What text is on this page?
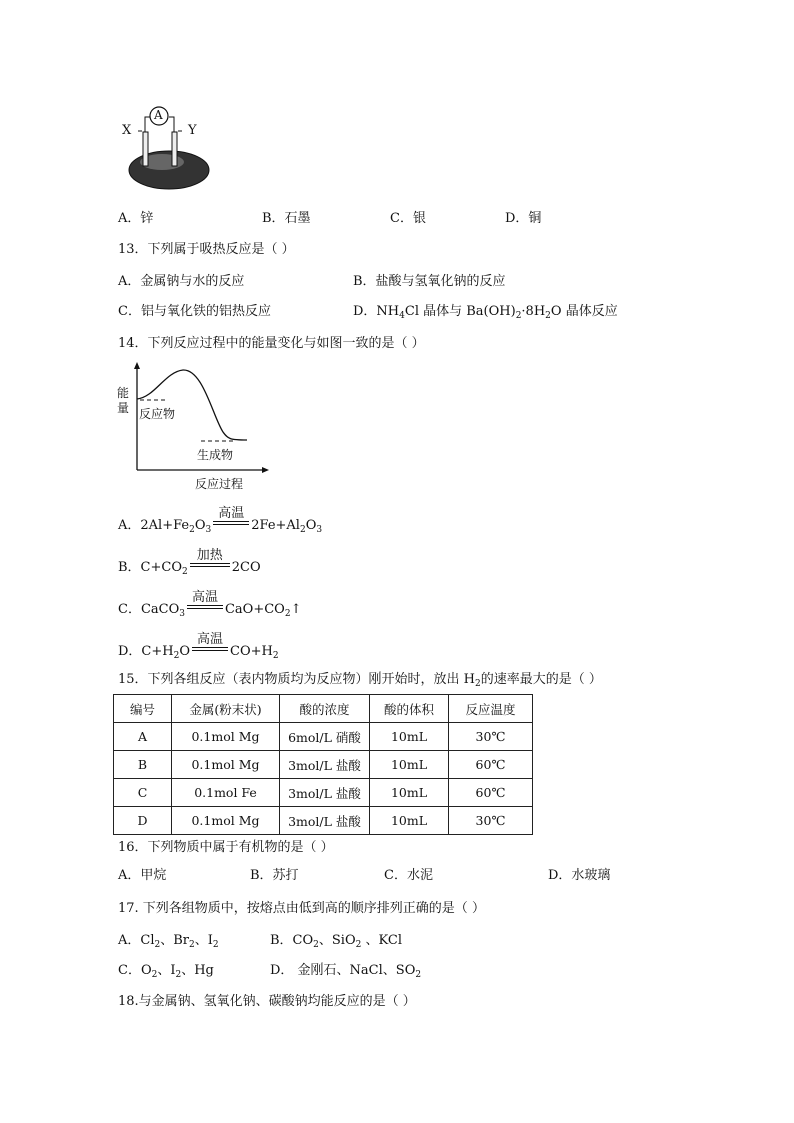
A
X	Y
A．锌	B．石墨	C．银	D．铜
13．下列属于吸热反应是（ ）
A．金属钠与水的反应	B．盐酸与氢氧化钠的反应
C．铝与氧化铁的铝热反应	D．$NH_4Cl$ 晶体与 $Ba(OH)_2\cdot 8H_2O$ 晶体反应
14．下列反应过程中的能量变化与如图一致的是（ ）
能
量 反应物
生成物
反应过程
A．$2Al+Fe_2O_3$
高温
$2Fe+Al_2O_3$
B．$C+CO_2$
加热
2CO
C．CaCO$_3$
高温
$CaO+CO_2↑$
D．$C+H_2O$
高温
$CO+H_2$
15．下列各组反应（表内物质均为反应物）刚开始时，放出 $H_2$的速率最大的是（ ）
编号	金属(粉末状)	酸的浓度	酸的体积	反应温度
A	0.1mol Mg	6mol/L 硝酸	10mL	30℃
B	0.1mol Mg	3mol/L 盐酸	10mL	60℃
C	0.1mol Fe	3mol/L 盐酸	10mL	60℃
D	0.1mol Mg	3mol/L 盐酸	10mL	30℃
16．下列物质中属于有机物的是（ ）
A．甲烷	B．苏打	C．水泥	D．水玻璃
17. 下列各组物质中，按熔点由低到高的顺序排列正确的是（ ）
A．$Cl_2$、$Br_2$、$I_2$	B．$CO_2$、SiO$_2$ 、KCl
C．$O_2$、$I_2$、Hg	D． 金刚石、NaCl、$SO_2$
18.与金属钠、氢氧化钠、碳酸钠均能反应的是（ ）
